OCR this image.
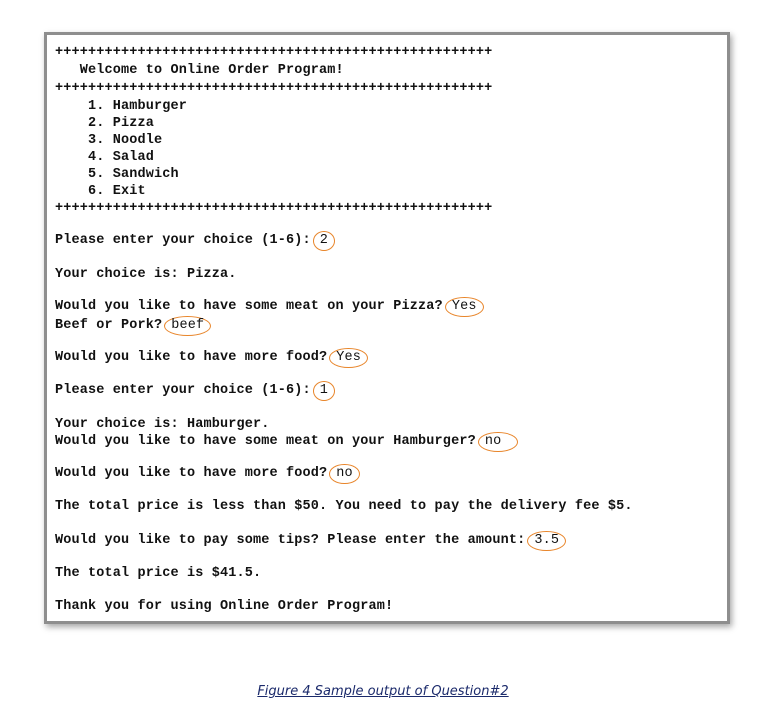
+++++++++++++++++++++++++++++++++++++++++++++++++++++
Welcome to Online Order Program!
+++++++++++++++++++++++++++++++++++++++++++++++++++++
1. Hamburger
2. Pizza
3. Noodle
4. Salad
5. Sandwich
6. Exit
+++++++++++++++++++++++++++++++++++++++++++++++++++++
Please enter your choice (1-6): 2
Your choice is: Pizza.
Would you like to have some meat on your Pizza? Yes
Beef or Pork? beef
Would you like to have more food? Yes
Please enter your choice (1-6): 1
Your choice is: Hamburger.
Would you like to have some meat on your Hamburger? no
Would you like to have more food? no
The total price is less than $50. You need to pay the delivery fee $5.
Would you like to pay some tips? Please enter the amount: 3.5
The total price is $41.5.
Thank you for using Online Order Program!
Figure 4 Sample output of Question#2
